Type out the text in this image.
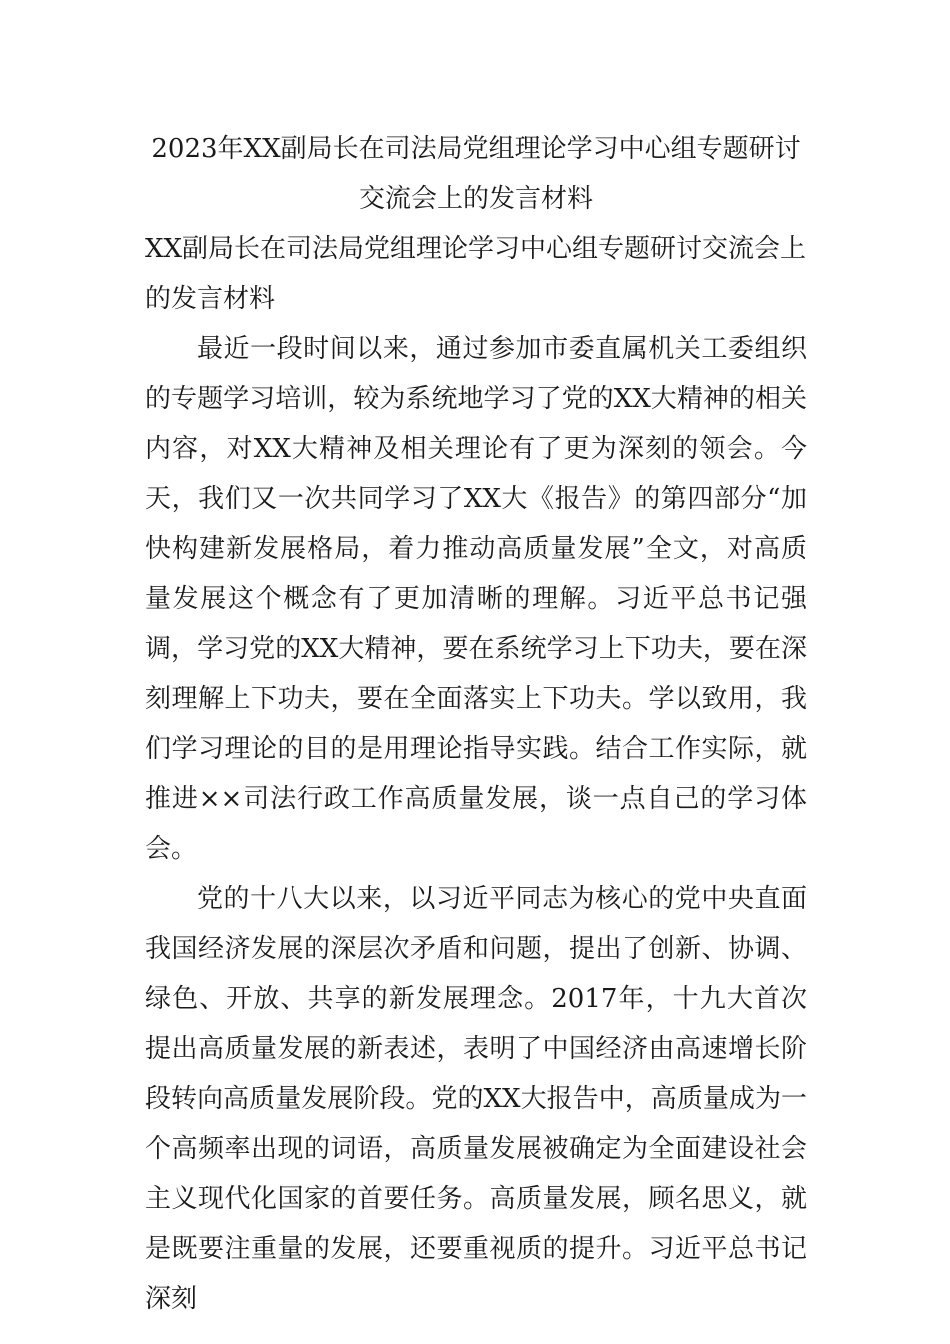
2023年XX副局长在司法局党组理论学习中心组专题研讨交流会上的发言材料

XX副局长在司法局党组理论学习中心组专题研讨交流会上的发言材料

最近一段时间以来，通过参加市委直属机关工委组织的专题学习培训，较为系统地学习了党的XX大精神的相关内容，对XX大精神及相关理论有了更为深刻的领会。今天，我们又一次共同学习了XX大《报告》的第四部分“加快构建新发展格局，着力推动高质量发展”全文，对高质量发展这个概念有了更加清晰的理解。习近平总书记强调，学习党的XX大精神，要在系统学习上下功夫，要在深刻理解上下功夫，要在全面落实上下功夫。学以致用，我们学习理论的目的是用理论指导实践。结合工作实际，就推进××司法行政工作高质量发展，谈一点自己的学习体会。

党的十八大以来，以习近平同志为核心的党中央直面我国经济发展的深层次矛盾和问题，提出了创新、协调、绿色、开放、共享的新发展理念。2017年，十九大首次提出高质量发展的新表述，表明了中国经济由高速增长阶段转向高质量发展阶段。党的XX大报告中，高质量成为一个高频率出现的词语，高质量发展被确定为全面建设社会主义现代化国家的首要任务。高质量发展，顾名思义，就是既要注重量的发展，还要重视质的提升。习近平总书记深刻
